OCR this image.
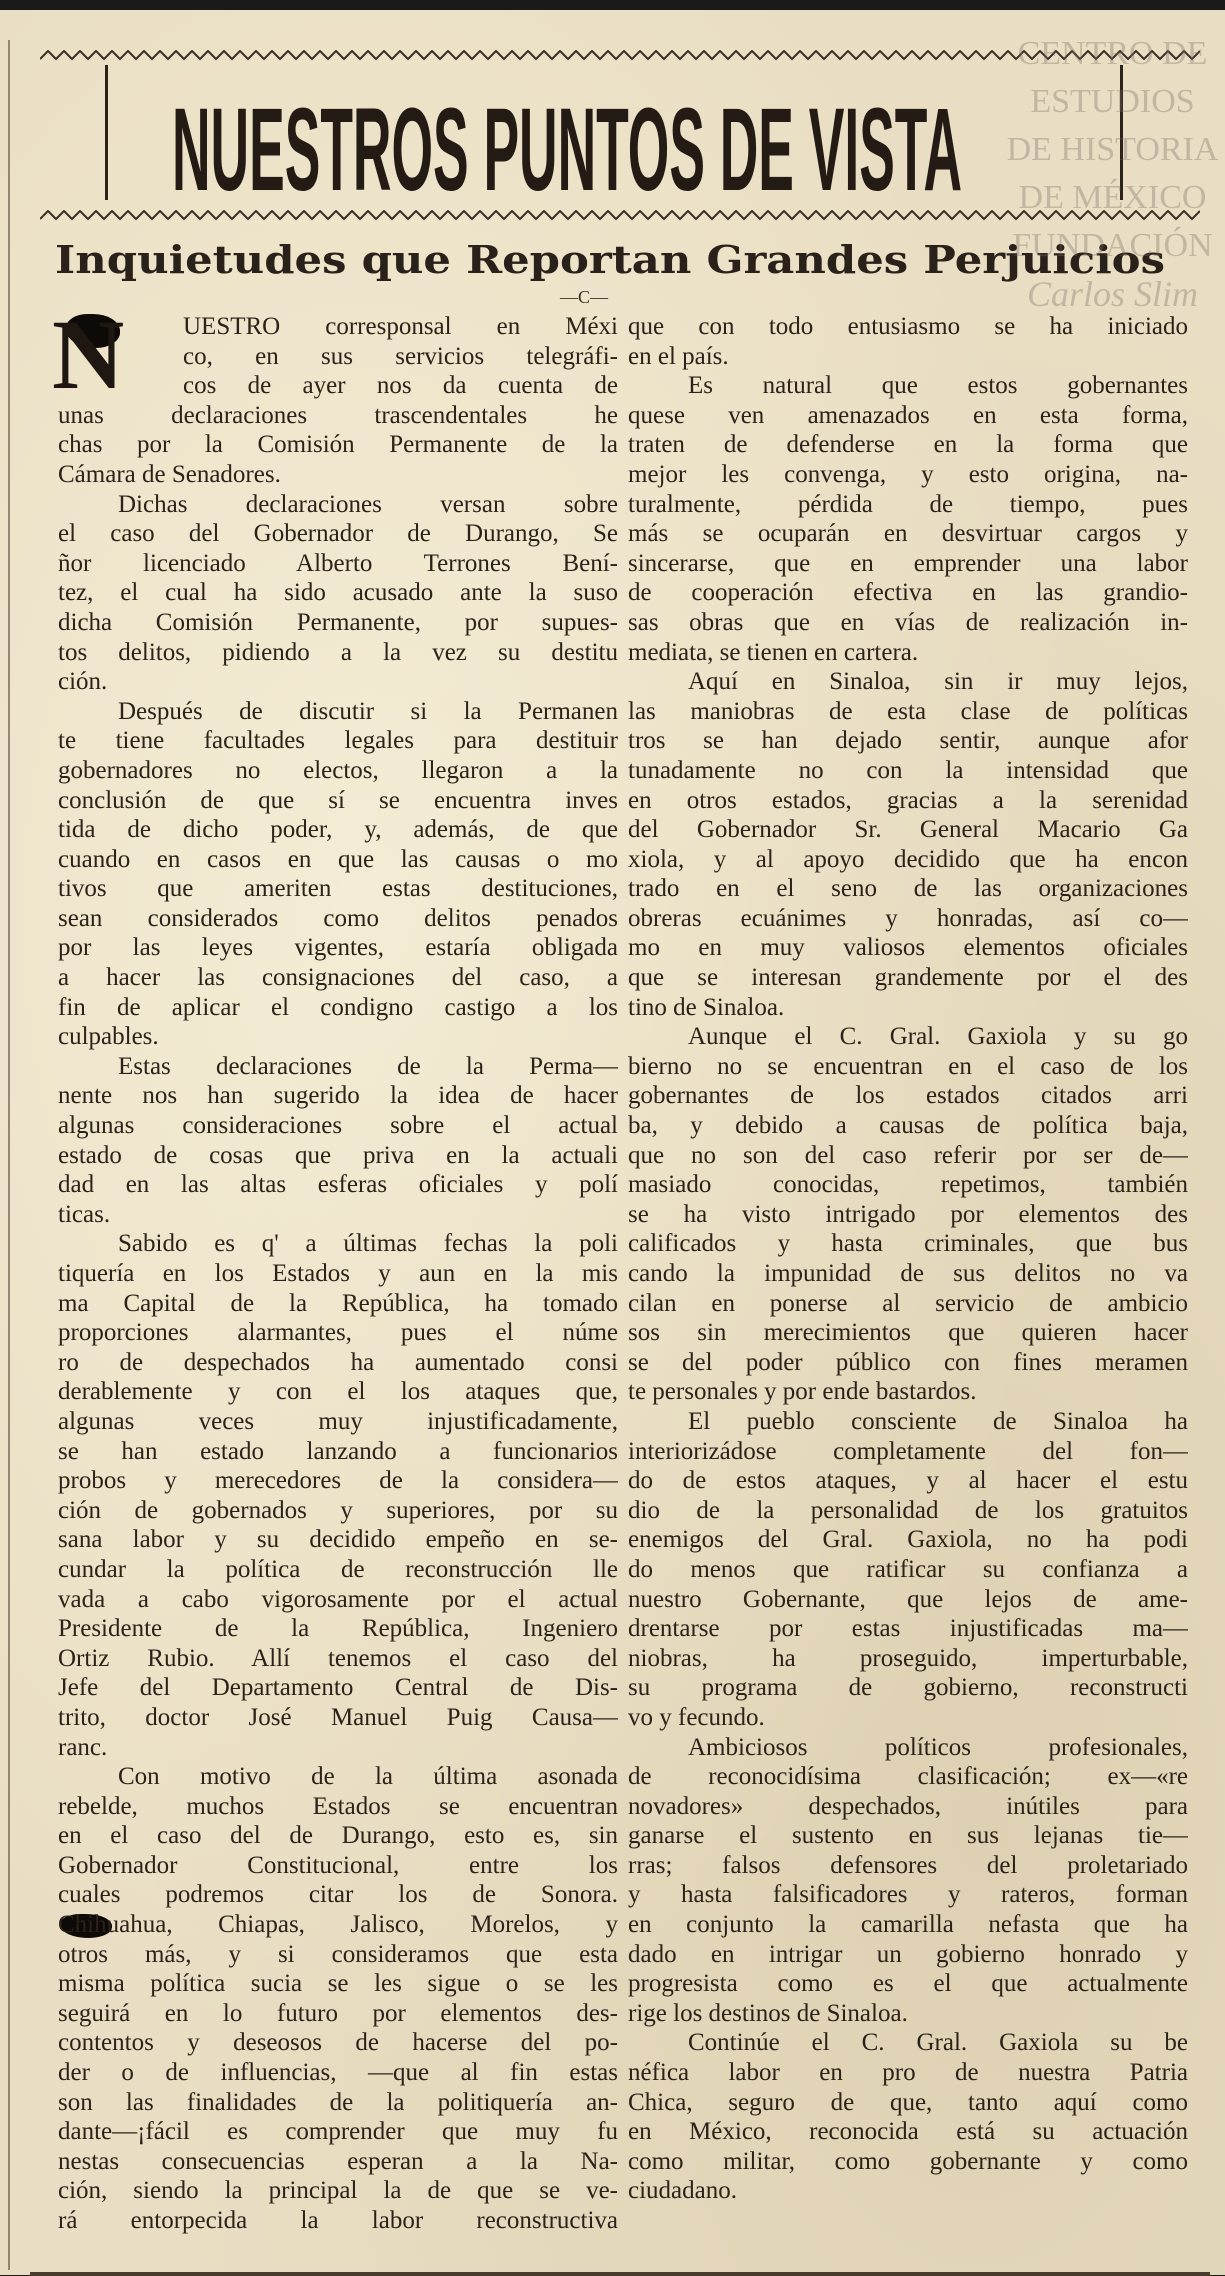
NUESTROS PUNTOS DE VISTA
Inquietudes que Reportan Grandes Perjuicios
—C—
N	UESTRO corresponsal en Méxi
co, en sus servicios telegráfi-
cos de ayer nos da cuenta de
unas declaraciones trascendentales he
chas por la Comisión Permanente de la
Cámara de Senadores.
Dichas declaraciones versan sobre
el caso del Gobernador de Durango, Se
ñor licenciado Alberto Terrones Bení-
tez, el cual ha sido acusado ante la suso
dicha Comisión Permanente, por supues-
tos delitos, pidiendo a la vez su destitu
ción.
Después de discutir si la Permanen
te tiene facultades legales para destituir
gobernadores no electos, llegaron a la
conclusión de que sí se encuentra inves
tida de dicho poder, y, además, de que
cuando en casos en que las causas o mo
tivos que ameriten estas destituciones,
sean considerados como delitos penados
por las leyes vigentes, estaría obligada
a hacer las consignaciones del caso, a
fin de aplicar el condigno castigo a los
culpables.
Estas declaraciones de la Perma—
nente nos han sugerido la idea de hacer
algunas consideraciones sobre el actual
estado de cosas que priva en la actuali
dad en las altas esferas oficiales y polí
ticas.
Sabido es q' a últimas fechas la poli
tiquería en los Estados y aun en la mis
ma Capital de la República, ha tomado
proporciones alarmantes, pues el núme
ro de despechados ha aumentado consi
derablemente y con el los ataques que,
algunas veces muy injustificadamente,
se han estado lanzando a funcionarios
probos y merecedores de la considera—
ción de gobernados y superiores, por su
sana labor y su decidido empeño en se-
cundar la política de reconstrucción lle
vada a cabo vigorosamente por el actual
Presidente de la República, Ingeniero
Ortiz Rubio. Allí tenemos el caso del
Jefe del Departamento Central de Dis-
trito, doctor José Manuel Puig Causa—
ranc.
Con motivo de la última asonada
rebelde, muchos Estados se encuentran
en el caso del de Durango, esto es, sin
Gobernador Constitucional, entre los
cuales podremos citar los de Sonora.
Chihuahua, Chiapas, Jalisco, Morelos, y
otros más, y si consideramos que esta
misma política sucia se les sigue o se les
seguirá en lo futuro por elementos des-
contentos y deseosos de hacerse del po-
der o de influencias, —que al fin estas
son las finalidades de la politiquería an-
dante—¡fácil es comprender que muy fu
nestas consecuencias esperan a la Na-
ción, siendo la principal la de que se ve-
rá entorpecida la labor reconstructiva
que con todo entusiasmo se ha iniciado
en el país.
Es natural que estos gobernantes
quese ven amenazados en esta forma,
traten de defenderse en la forma que
mejor les convenga, y esto origina, na-
turalmente, pérdida de tiempo, pues
más se ocuparán en desvirtuar cargos y
sincerarse, que en emprender una labor
de cooperación efectiva en las grandio-
sas obras que en vías de realización in-
mediata, se tienen en cartera.
Aquí en Sinaloa, sin ir muy lejos,
las maniobras de esta clase de políticas
tros se han dejado sentir, aunque afor
tunadamente no con la intensidad que
en otros estados, gracias a la serenidad
del Gobernador Sr. General Macario Ga
xiola, y al apoyo decidido que ha encon
trado en el seno de las organizaciones
obreras ecuánimes y honradas, así co—
mo en muy valiosos elementos oficiales
que se interesan grandemente por el des
tino de Sinaloa.
Aunque el C. Gral. Gaxiola y su go
bierno no se encuentran en el caso de los
gobernantes de los estados citados arri
ba, y debido a causas de política baja,
que no son del caso referir por ser de—
masiado conocidas, repetimos, también
se ha visto intrigado por elementos des
calificados y hasta criminales, que bus
cando la impunidad de sus delitos no va
cilan en ponerse al servicio de ambicio
sos sin merecimientos que quieren hacer
se del poder público con fines meramen
te personales y por ende bastardos.
El pueblo consciente de Sinaloa ha
interiorizádose completamente del fon—
do de estos ataques, y al hacer el estu
dio de la personalidad de los gratuitos
enemigos del Gral. Gaxiola, no ha podi
do menos que ratificar su confianza a
nuestro Gobernante, que lejos de ame-
drentarse por estas injustificadas ma—
niobras, ha proseguido, imperturbable,
su programa de gobierno, reconstructi
vo y fecundo.
Ambiciosos políticos profesionales,
de reconocidísima clasificación; ex—«re
novadores» despechados, inútiles para
ganarse el sustento en sus lejanas tie—
rras; falsos defensores del proletariado
y hasta falsificadores y rateros, forman
en conjunto la camarilla nefasta que ha
dado en intrigar un gobierno honrado y
progresista como es el que actualmente
rige los destinos de Sinaloa.
Continúe el C. Gral. Gaxiola su be
néfica labor en pro de nuestra Patria
Chica, seguro de que, tanto aquí como
en México, reconocida está su actuación
como militar, como gobernante y como
ciudadano.
CENTRO DE
ESTUDIOS
DE HISTORIA
DE MÉXICO
FUNDACIÓN
Carlos Slim
